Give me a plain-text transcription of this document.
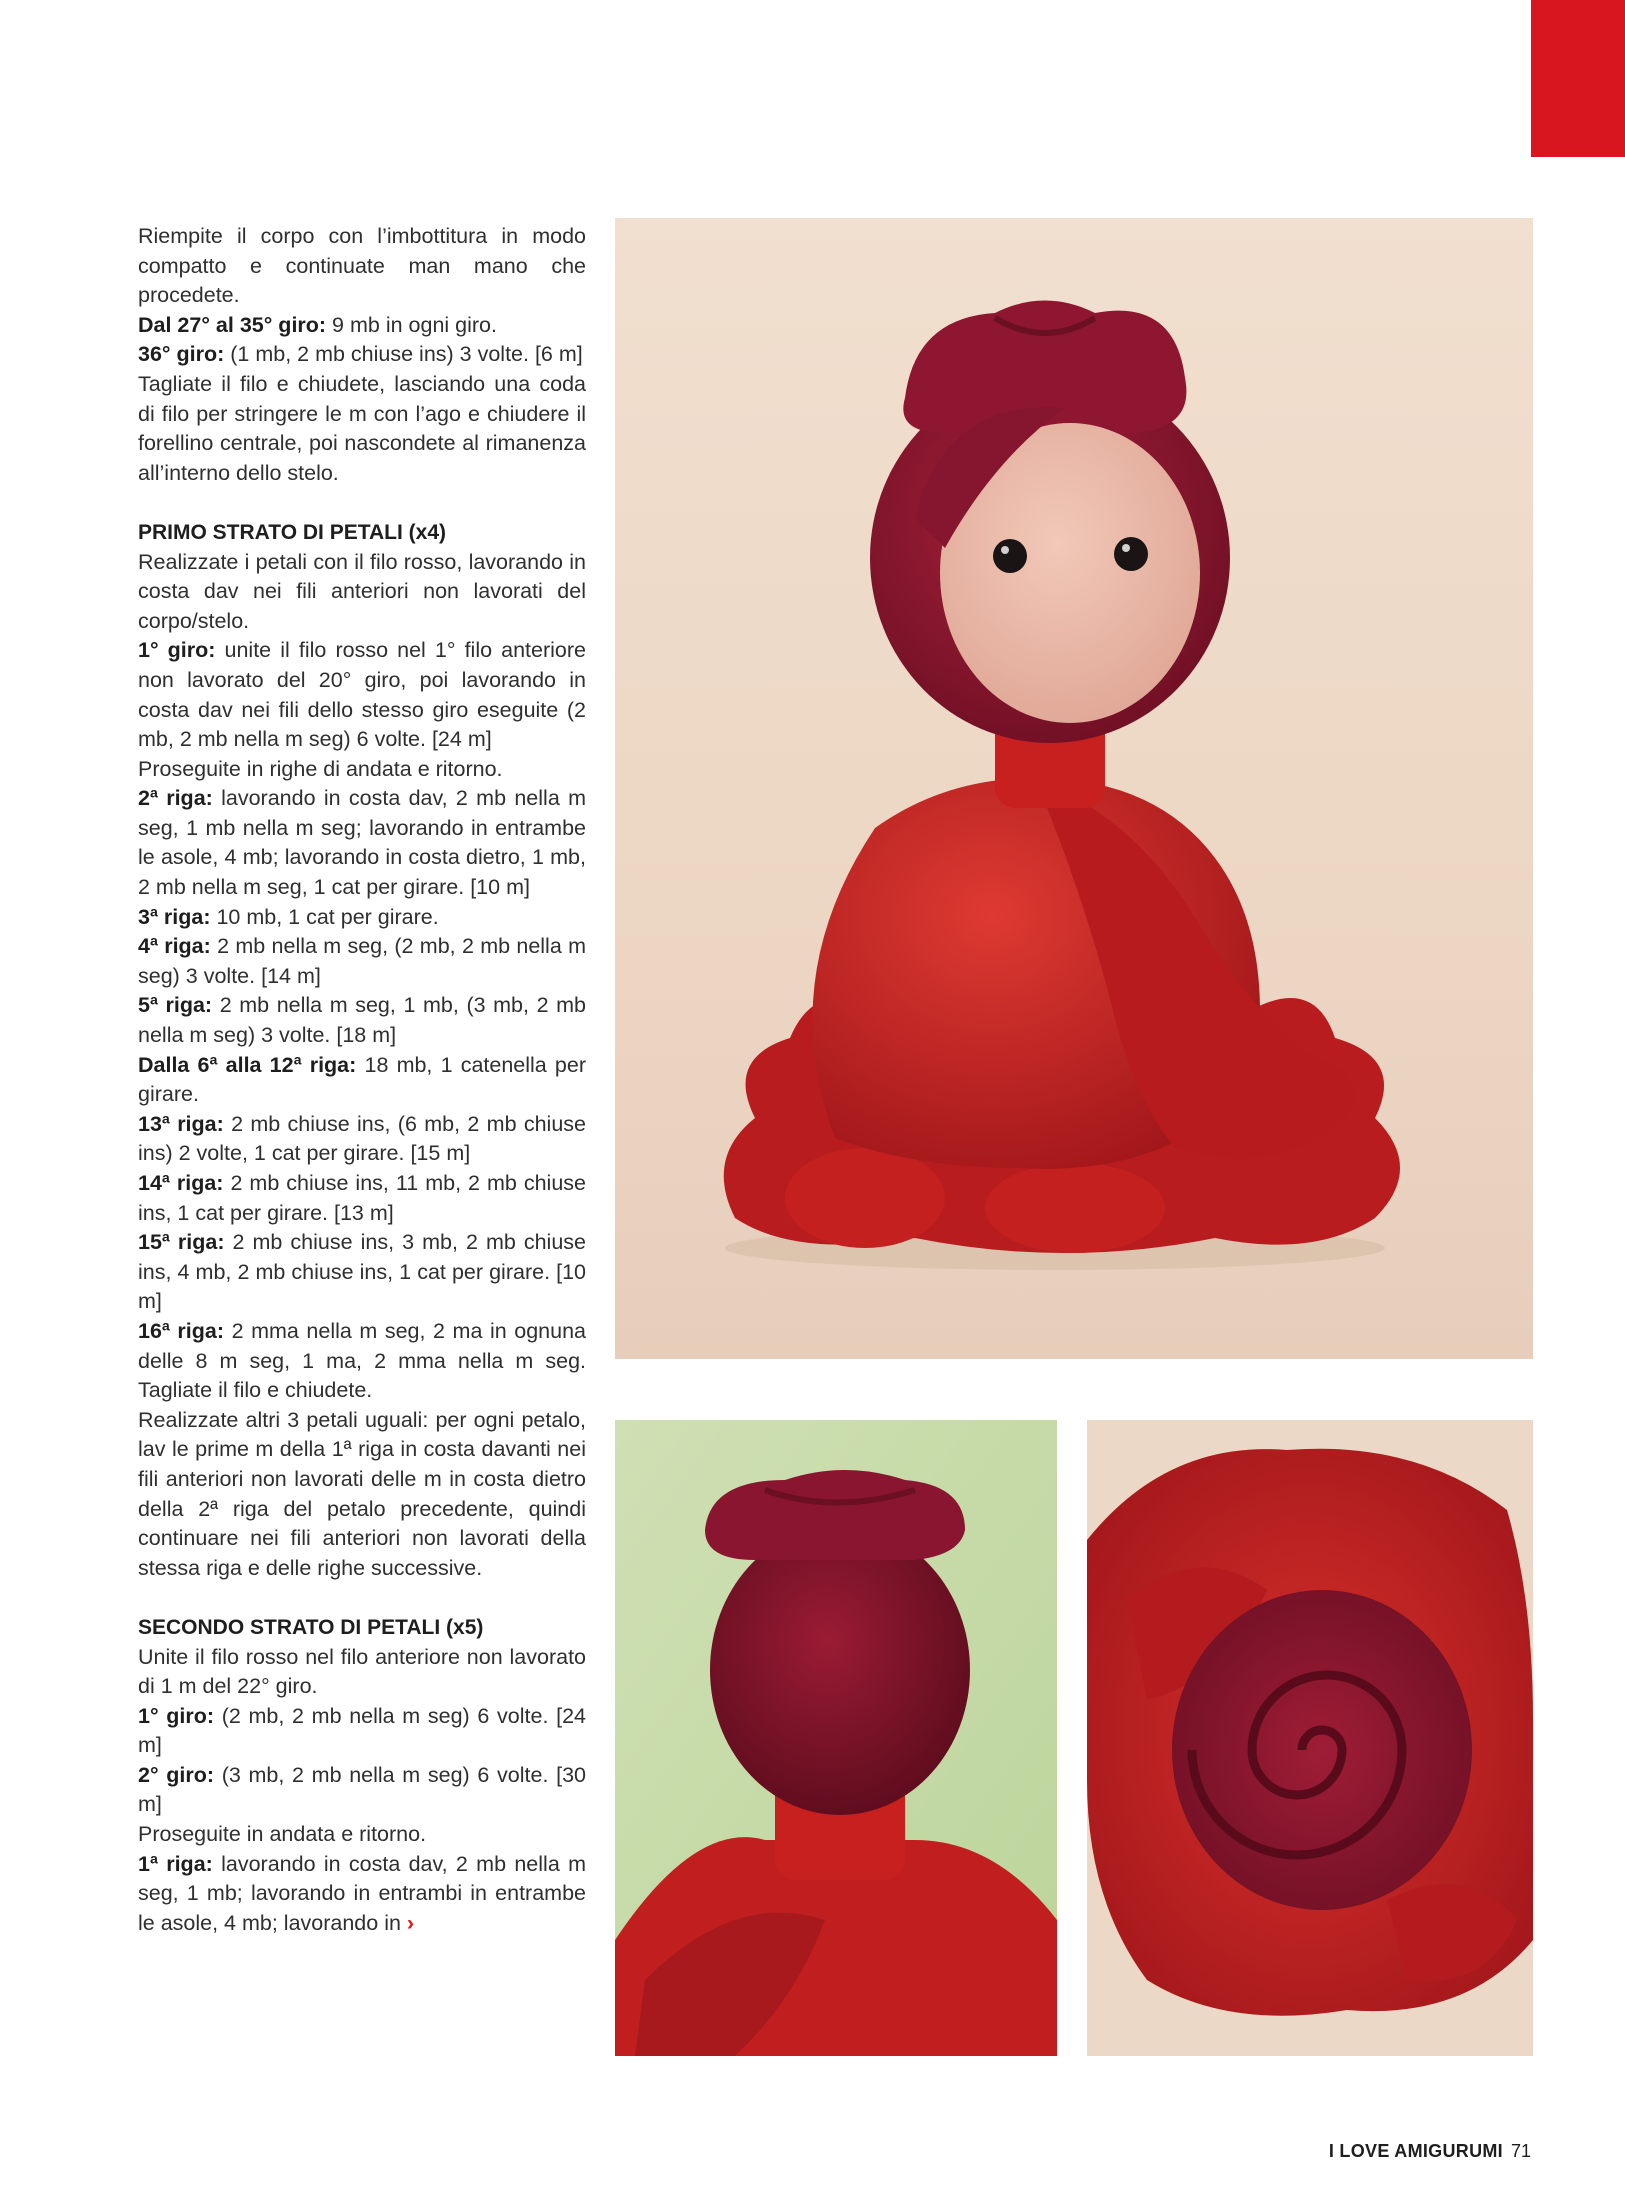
Riempite il corpo con l’imbottitura in modo compatto e continuate man mano che procedete.

Dal 27° al 35° giro: 9 mb in ogni giro.

36° giro: (1 mb, 2 mb chiuse ins) 3 volte. [6 m]

Tagliate il filo e chiudete, lasciando una coda di filo per stringere le m con l’ago e chiudere il forellino centrale, poi nascondete al rimanenza all’interno dello stelo.

PRIMO STRATO DI PETALI (x4)

Realizzate i petali con il filo rosso, lavorando in costa dav nei fili anteriori non lavorati del corpo/stelo.

1° giro: unite il filo rosso nel 1° filo anteriore non lavorato del 20° giro, poi lavorando in costa dav nei fili dello stesso giro eseguite (2 mb, 2 mb nella m seg) 6 volte. [24 m]

Proseguite in righe di andata e ritorno.

2ª riga: lavorando in costa dav, 2 mb nella m seg, 1 mb nella m seg; lavorando in entrambe le asole, 4 mb; lavorando in costa dietro, 1 mb, 2 mb nella m seg, 1 cat per girare. [10 m]

3ª riga: 10 mb, 1 cat per girare.

4ª riga: 2 mb nella m seg, (2 mb, 2 mb nella m seg) 3 volte. [14 m]

5ª riga: 2 mb nella m seg, 1 mb, (3 mb, 2 mb nella m seg) 3 volte. [18 m]

Dalla 6ª alla 12ª riga: 18 mb, 1 catenella per girare.

13ª riga: 2 mb chiuse ins, (6 mb, 2 mb chiuse ins) 2 volte, 1 cat per girare. [15 m]

14ª riga: 2 mb chiuse ins, 11 mb, 2 mb chiuse ins, 1 cat per girare. [13 m]

15ª riga: 2 mb chiuse ins, 3 mb, 2 mb chiuse ins, 4 mb, 2 mb chiuse ins, 1 cat per girare. [10 m]

16ª riga: 2 mma nella m seg, 2 ma in ognuna delle 8 m seg, 1 ma, 2 mma nella m seg. Tagliate il filo e chiudete.

Realizzate altri 3 petali uguali: per ogni petalo, lav le prime m della 1ª riga in costa davanti nei fili anteriori non lavorati delle m in costa dietro della 2ª riga del petalo precedente, quindi continuare nei fili anteriori non lavorati della stessa riga e delle righe successive.

SECONDO STRATO DI PETALI (x5)

Unite il filo rosso nel filo anteriore non lavorato di 1 m del 22° giro.

1° giro: (2 mb, 2 mb nella m seg) 6 volte. [24 m]

2° giro: (3 mb, 2 mb nella m seg) 6 volte. [30 m]

Proseguite in andata e ritorno.

1ª riga: lavorando in costa dav, 2 mb nella m seg, 1 mb; lavorando in entrambi in entrambe le asole, 4 mb; lavorando in ›

I LOVE AMIGURUMI 71
